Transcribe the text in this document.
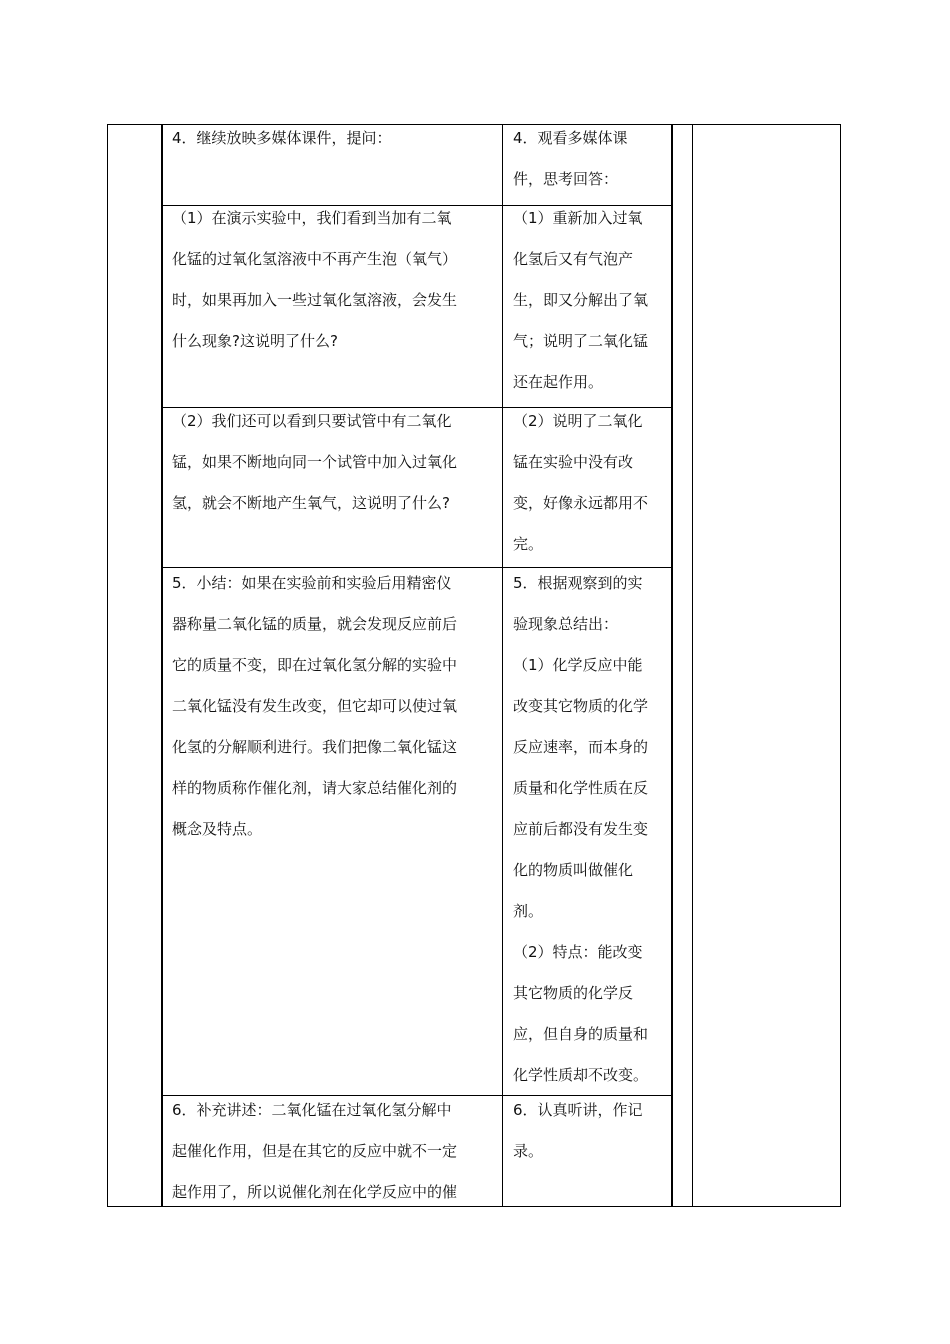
4．继续放映多媒体课件，提问：	4．观看多媒体课
件，思考回答：
（1）在演示实验中，我们看到当加有二氧
化锰的过氧化氢溶液中不再产生泡（氧气）
时，如果再加入一些过氧化氢溶液，会发生
什么现象?这说明了什么?
（1）重新加入过氧
化氢后又有气泡产
生，即又分解出了氧
气；说明了二氧化锰
还在起作用。
（2）我们还可以看到只要试管中有二氧化
锰，如果不断地向同一个试管中加入过氧化
氢，就会不断地产生氧气，这说明了什么?
（2）说明了二氧化
锰在实验中没有改
变，好像永远都用不
完。
5．小结：如果在实验前和实验后用精密仪
器称量二氧化锰的质量，就会发现反应前后
它的质量不变，即在过氧化氢分解的实验中
二氧化锰没有发生改变，但它却可以使过氧
化氢的分解顺利进行。我们把像二氧化锰这
样的物质称作催化剂，请大家总结催化剂的
概念及特点。
5．根据观察到的实
验现象总结出：
（1）化学反应中能
改变其它物质的化学
反应速率，而本身的
质量和化学性质在反
应前后都没有发生变
化的物质叫做催化
剂。
（2）特点：能改变
其它物质的化学反
应，但自身的质量和
化学性质却不改变。
6．补充讲述：二氧化锰在过氧化氢分解中
起催化作用，但是在其它的反应中就不一定
起作用了，所以说催化剂在化学反应中的催
6．认真听讲，作记
录。
